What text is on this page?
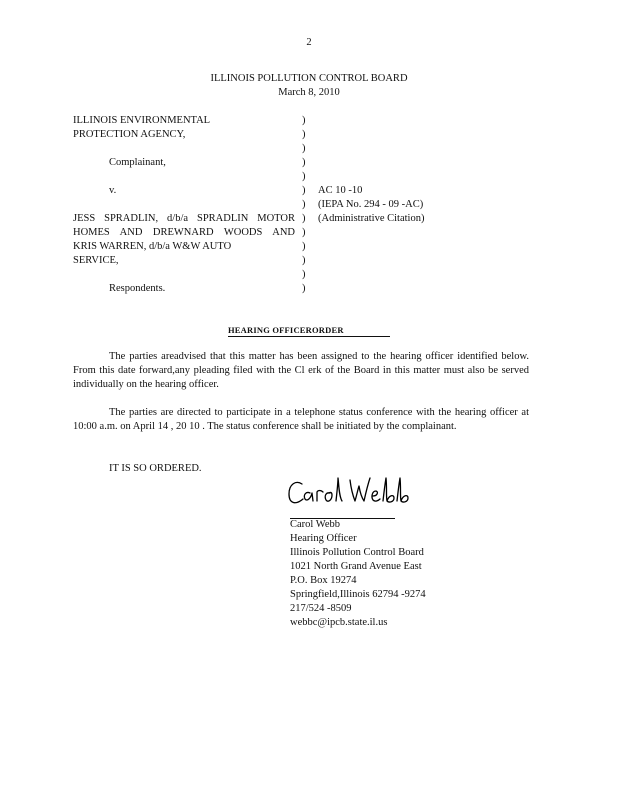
2
ILLINOIS POLLUTION CONTROL BOARD
March 8, 2010
ILLINOIS ENVIRONMENTAL
PROTECTION AGENCY,
Complainant,
v.
JESS SPRADLIN, d/b/a SPRADLIN MOTOR
HOMES AND DREWNARD WOODS AND
KRIS WARREN, d/b/a W&W AUTO
SERVICE,
Respondents.
)
)
)
)
)
)
)
)
)
)
)
)
)
AC 10 -10
(IEPA No. 294 - 09 -AC)
(Administrative Citation)
HEARING OFFICERORDER
The parties areadvised that this matter has been assigned to the hearing officer identified below. From this date forward,any pleading filed with the Cl erk of the Board in this matter must also be served individually on the hearing officer.
The parties are directed to participate in a telephone status conference with the hearing officer at 10:00 a.m. on April 14 , 20 10 . The status conference shall be initiated by the complainant.
IT IS SO ORDERED.
Carol Webb
Hearing Officer
Illinois Pollution Control Board
1021 North Grand Avenue East
P.O. Box 19274
Springfield,Illinois 62794 -9274
217/524 -8509
webbc@ipcb.state.il.us
